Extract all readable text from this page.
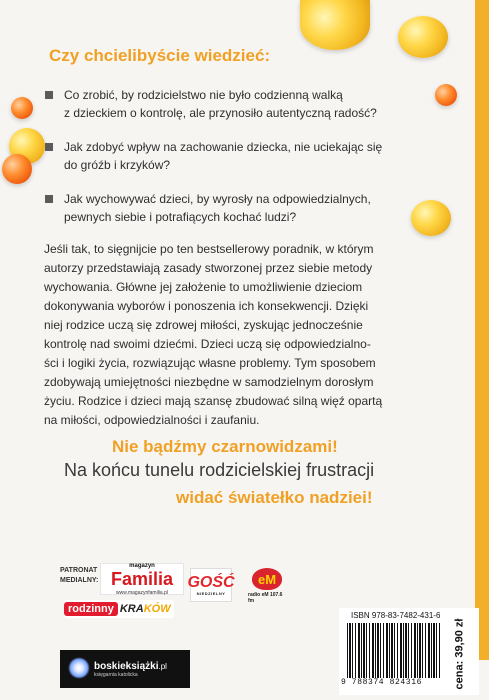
Czy chcielibyście wiedzieć:
Co zrobić, by rodzicielstwo nie było codzienną walką
z dzieckiem o kontrolę, ale przynosiło autentyczną radość?
Jak zdobyć wpływ na zachowanie dziecka, nie uciekając się
do gróźb i krzyków?
Jak wychowywać dzieci, by wyrosły na odpowiedzialnych,
pewnych siebie i potrafiących kochać ludzi?
Jeśli tak, to sięgnijcie po ten bestsellerowy poradnik, w którym
autorzy przedstawiają zasady stworzonej przez siebie metody
wychowania. Główne jej założenie to umożliwienie dzieciom
dokonywania wyborów i ponoszenia ich konsekwencji. Dzięki
niej rodzice uczą się zdrowej miłości, zyskując jednocześnie
kontrolę nad swoimi dziećmi. Dzieci uczą się odpowiedzialno-
ści i logiki życia, rozwiązując własne problemy. Tym sposobem
zdobywają umiejętności niezbędne w samodzielnym dorosłym
życiu. Rodzice i dzieci mają szansę zbudować silną więź opartą
na miłości, odpowiedzialności i zaufaniu.
Nie bądźmy czarnowidzami!
Na końcu tunelu rodzicielskiej frustracji
widać światełko nadziei!
PATRONAT
MEDIALNY:
magazyn
Familia
www.magazynfamilia.pl
GOŚĆ
NIEDZIELNY
eM
radio eM 107.6 fm
rodzinny KRAKÓW
ISBN 978-83-7482-431-6
9 788374 824316	cena: 39,90 zł
boskieksiążki.pl
księgarnia katolicka
